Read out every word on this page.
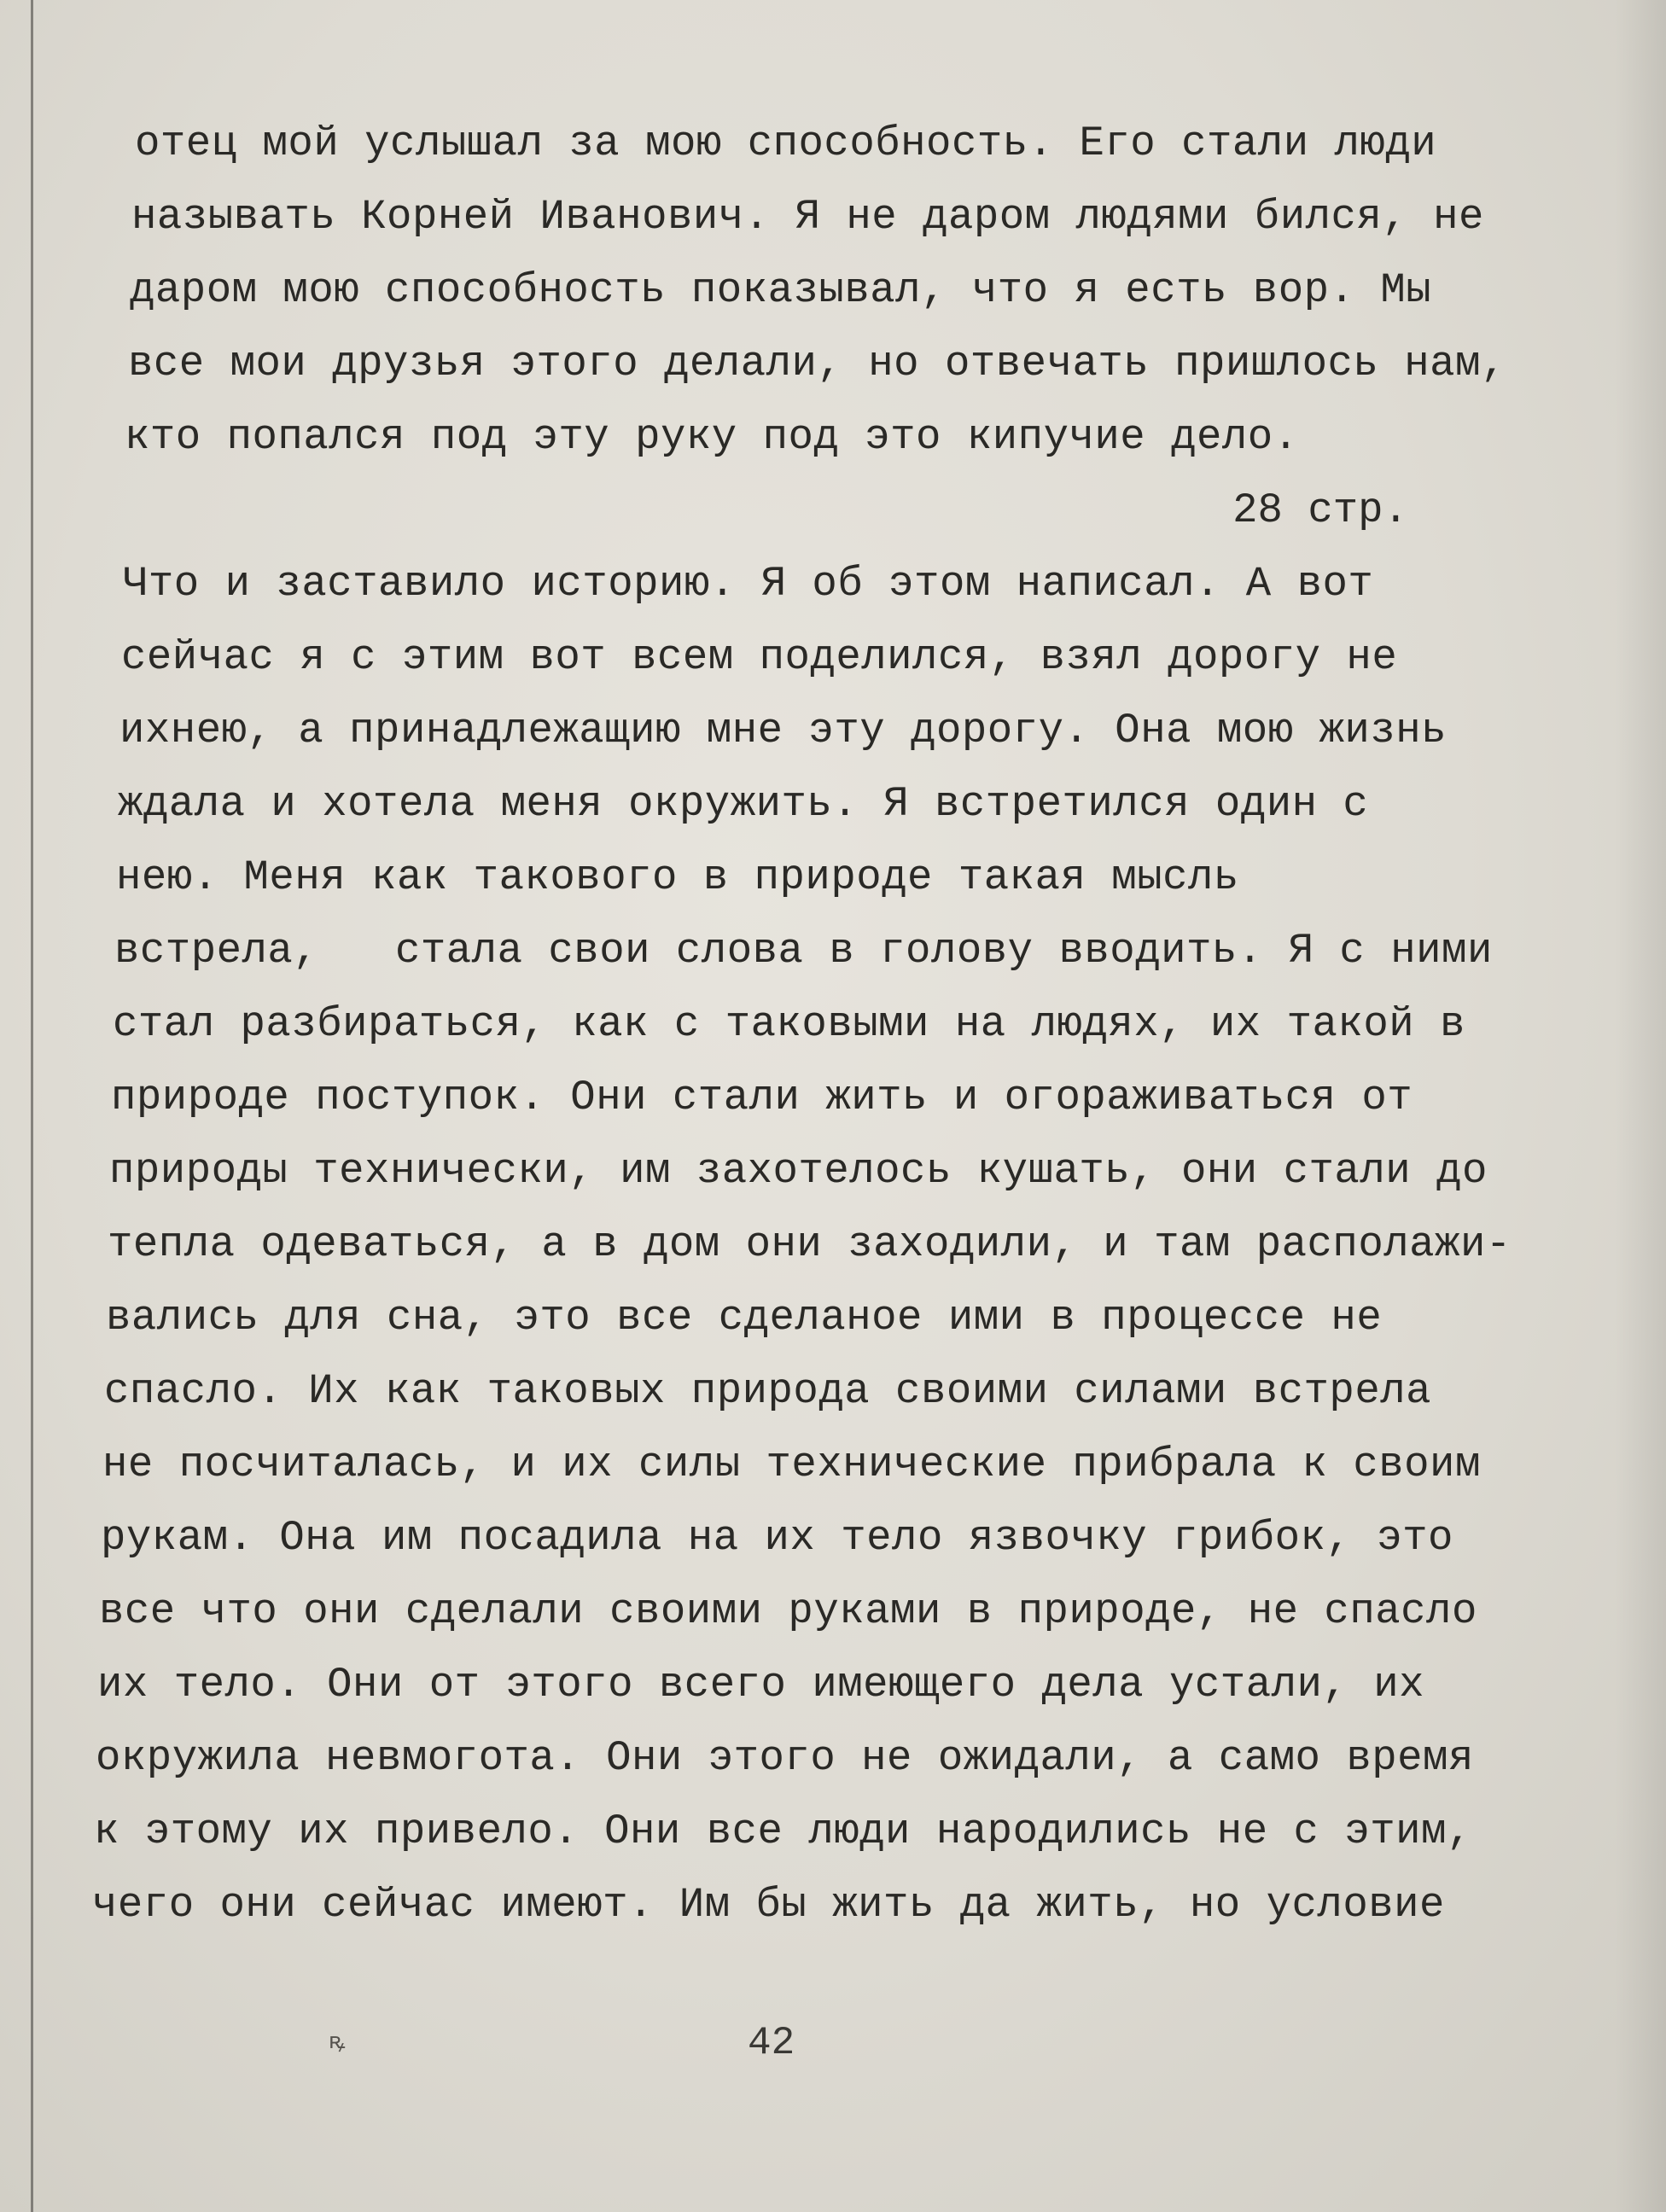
отец мой услышал за мою способность. Его стали люди
называть Корней Иванович. Я не даром людями бился, не
даром мою способность показывал, что я есть вор. Мы
все мои друзья этого делали, но отвечать пришлось нам,
кто попался под эту руку под это кипучие дело.
28 стр.
Что и заставило историю. Я об этом написал. А вот
сейчас я с этим вот всем поделился, взял дорогу не
ихнею, а принадлежащию мне эту дорогу. Она мою жизнь
ждала и хотела меня окружить. Я встретился один с
нею. Меня как такового в природе такая мысль
встрела,   стала свои слова в голову вводить. Я с ними
стал разбираться, как с таковыми на людях, их такой в
природе поступок. Они стали жить и огораживаться от
природы технически, им захотелось кушать, они стали до
тепла одеваться, а в дом они заходили, и там располажи-
вались для сна, это все сделаное ими в процессе не
спасло. Их как таковых природа своими силами встрела
не посчиталась, и их силы технические прибрала к своим
рукам. Она им посадила на их тело язвочку грибок, это
все что они сделали своими руками в природе, не спасло
их тело. Они от этого всего имеющего дела устали, их
окружила невмогота. Они этого не ожидали, а само время
к этому их привело. Они все люди народились не с этим,
чего они сейчас имеют. Им бы жить да жить, но условие
42
ꝶ
